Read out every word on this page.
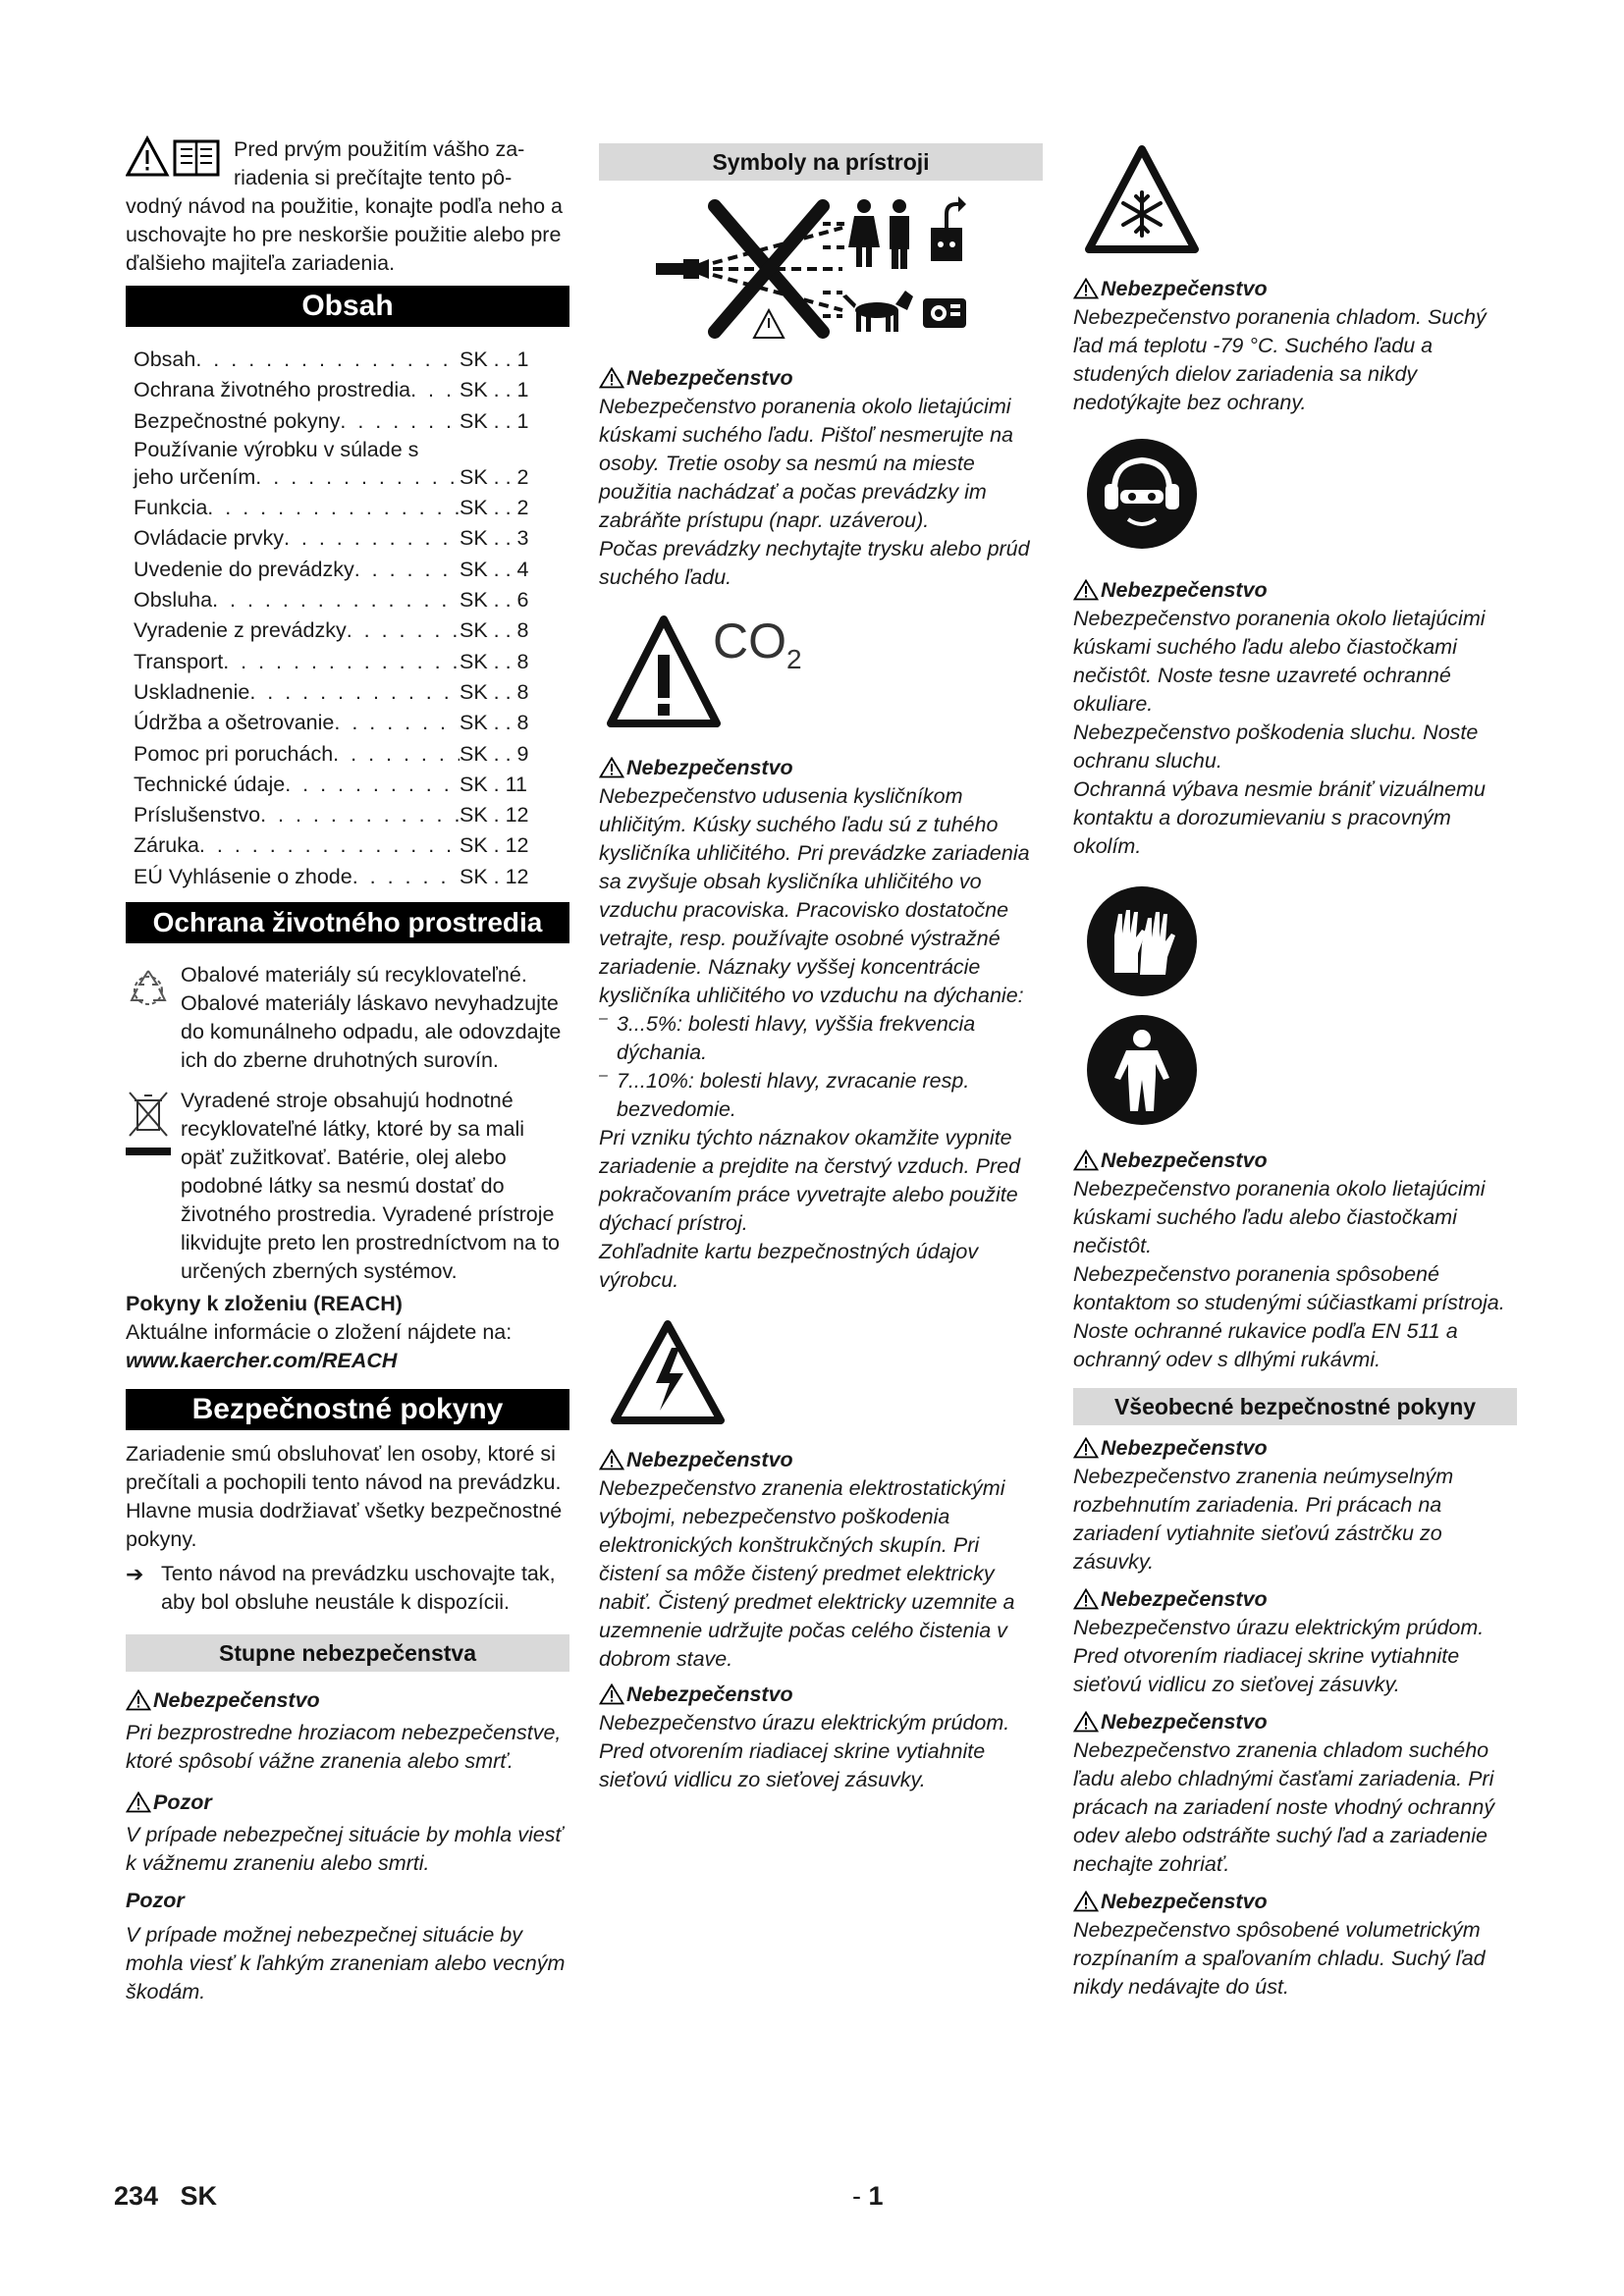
Pred prvým použitím vášho za-

riadenia si prečítajte tento pô-

vodný návod na použitie, konajte podľa neho a uschovajte ho pre neskoršie použitie alebo pre ďalšieho majiteľa zariadenia.

Obsah
Obsah . . .	SK . . 1
Ochrana životného prostredia . . . SK . . 1
Bezpečnostné pokyny . . .	SK . . 1
Používanie výrobku v súlade s
jeho určením . . .	SK . . 2
Funkcia . . .	SK . . 2
Ovládacie prvky . . .	SK . . 3
Uvedenie do prevádzky . . .	SK . . 4
Obsluha . . .	SK . . 6
Vyradenie z prevádzky . . .	SK . . 8
Transport . . .	SK . . 8
Uskladnenie . . .	SK . . 8
Údržba a ošetrovanie . . .	SK . . 8
Pomoc pri poruchách . . .	SK . . 9
Technické údaje . . .	SK . 11
Príslušenstvo . . .	SK . 12
Záruka . . .	SK . 12
EÚ Vyhlásenie o zhode . . .	SK . 12
Ochrana životného prostredia

Obalové materiály sú recyklovateľné. Obalové materiály láskavo nevyhadzujte do komunálneho odpadu, ale odovzdajte ich do zberne druhotných surovín.

Vyradené stroje obsahujú hodnotné recyklovateľné látky, ktoré by sa mali opäť zužitkovať. Batérie, olej alebo podobné látky sa nesmú dostať do životného prostredia. Vyradené prístroje likvidujte preto len prostredníctvom na to určených zberných systémov.

Pokyny k zloženiu (REACH)

Aktuálne informácie o zložení nájdete na:

www.kaercher.com/REACH

Bezpečnostné pokyny

Zariadenie smú obsluhovať len osoby, ktoré si prečítali a pochopili tento návod na prevádzku. Hlavne musia dodržiavať všetky bezpečnostné pokyny.

➔ Tento návod na prevádzku uschovajte tak, aby bol obsluhe neustále k dispozícii.

Stupne nebezpečenstva
Nebezpečenstvo

Pri bezprostredne hroziacom nebezpečenstve, ktoré spôsobí vážne zranenia alebo smrť.

Pozor

V prípade nebezpečnej situácie by mohla viesť k vážnemu zraneniu alebo smrti.

Pozor

V prípade možnej nebezpečnej situácie by mohla viesť k ľahkým zraneniam alebo vecným škodám.

Symboly na prístroji
Nebezpečenstvo

Nebezpečenstvo poranenia okolo lietajúcimi kúskami suchého ľadu. Pištoľ nesmerujte na osoby. Tretie osoby sa nesmú na mieste použitia nachádzať a počas prevádzky im zabráňte prístupu (napr. uzáverou).

Počas prevádzky nechytajte trysku alebo prúd suchého ľadu.

$CO_2$
Nebezpečenstvo

Nebezpečenstvo udusenia kysličníkom uhličitým. Kúsky suchého ľadu sú z tuhého kysličníka uhličitého. Pri prevádzke zariadenia sa zvyšuje obsah kysličníka uhličitého vo vzduchu pracoviska. Pracovisko dostatočne vetrajte, resp. používajte osobné výstražné zariadenie. Náznaky vyššej koncentrácie kysličníka uhličitého vo vzduchu na dýchanie:

– 3...5%: bolesti hlavy, vyššia frekvencia dýchania.

– 7...10%: bolesti hlavy, zvracanie resp. bezvedomie.

Pri vzniku týchto náznakov okamžite vypnite zariadenie a prejdite na čerstvý vzduch. Pred pokračovaním práce vyvetrajte alebo použite dýchací prístroj.

Zohľadnite kartu bezpečnostných údajov výrobcu.

Nebezpečenstvo

Nebezpečenstvo zranenia elektrostatickými výbojmi, nebezpečenstvo poškodenia elektronických konštrukčných skupín. Pri čistení sa môže čistený predmet elektricky nabiť. Čistený predmet elektricky uzemnite a uzemnenie udržujte počas celého čistenia v dobrom stave.

Nebezpečenstvo

Nebezpečenstvo úrazu elektrickým prúdom. Pred otvorením riadiacej skrine vytiahnite sieťovú vidlicu zo sieťovej zásuvky.

Nebezpečenstvo

Nebezpečenstvo poranenia chladom. Suchý ľad má teplotu -79 °C. Suchého ľadu a studených dielov zariadenia sa nikdy nedotýkajte bez ochrany.

Nebezpečenstvo

Nebezpečenstvo poranenia okolo lietajúcimi kúskami suchého ľadu alebo čiastočkami nečistôt. Noste tesne uzavreté ochranné okuliare.

Nebezpečenstvo poškodenia sluchu. Noste ochranu sluchu.

Ochranná výbava nesmie brániť vizuálnemu kontaktu a dorozumievaniu s pracovným okolím.

Nebezpečenstvo

Nebezpečenstvo poranenia okolo lietajúcimi kúskami suchého ľadu alebo čiastočkami nečistôt.

Nebezpečenstvo poranenia spôsobené kontaktom so studenými súčiastkami prístroja.

Noste ochranné rukavice podľa EN 511 a ochranný odev s dlhými rukávmi.

Všeobecné bezpečnostné pokyny
Nebezpečenstvo

Nebezpečenstvo zranenia neúmyselným rozbehnutím zariadenia. Pri prácach na zariadení vytiahnite sieťovú zástrčku zo zásuvky.

Nebezpečenstvo

Nebezpečenstvo úrazu elektrickým prúdom. Pred otvorením riadiacej skrine vytiahnite sieťovú vidlicu zo sieťovej zásuvky.

Nebezpečenstvo

Nebezpečenstvo zranenia chladom suchého ľadu alebo chladnými časťami zariadenia. Pri prácach na zariadení noste vhodný ochranný odev alebo odstráňte suchý ľad a zariadenie nechajte zohriať.

Nebezpečenstvo

Nebezpečenstvo spôsobené volumetrickým rozpínaním a spaľovaním chladu. Suchý ľad nikdy nedávajte do úst.

234   SK	- 1
